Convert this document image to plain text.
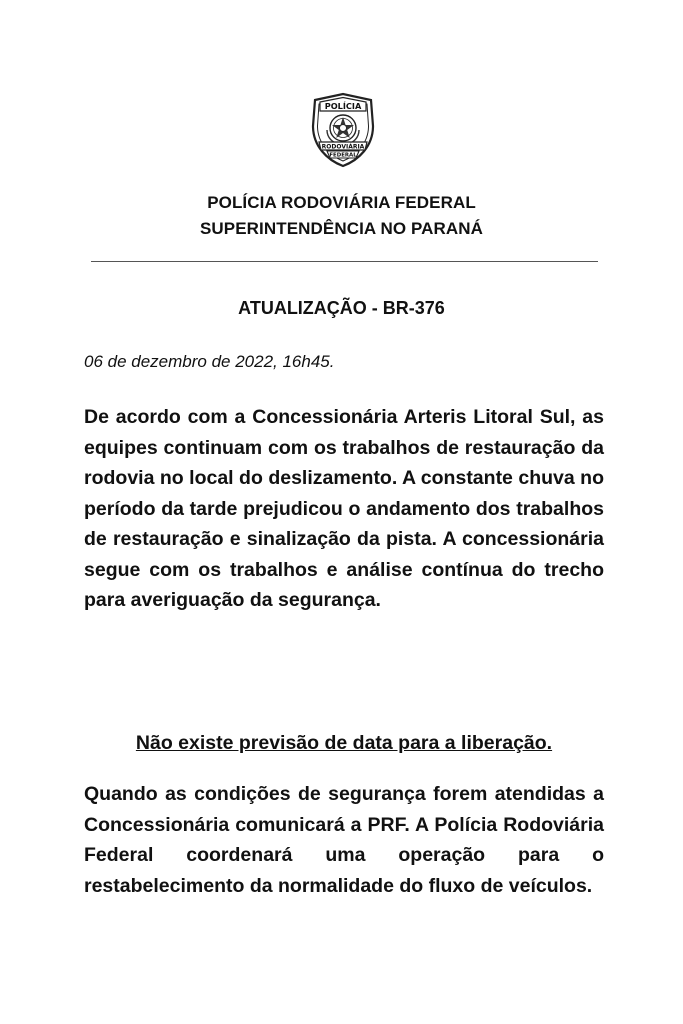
POLÍCIA
RODOVIÁRIA
FEDERAL
POLÍCIA RODOVIÁRIA FEDERAL
SUPERINTENDÊNCIA NO PARANÁ
ATUALIZAÇÃO - BR-376
06 de dezembro de 2022, 16h45.

De acordo com a Concessionária Arteris Litoral Sul, as equipes continuam com os trabalhos de restauração da rodovia no local do deslizamento. A constante chuva no período da tarde prejudicou o andamento dos trabalhos de restauração e sinalização da pista. A concessionária segue com os trabalhos e análise contínua do trecho para averiguação da segurança.

Não existe previsão de data para a liberação.

Quando as condições de segurança forem atendidas a Concessionária comunicará a PRF. A Polícia Rodoviária Federal coordenará uma operação para o restabelecimento da normalidade do fluxo de veículos.
